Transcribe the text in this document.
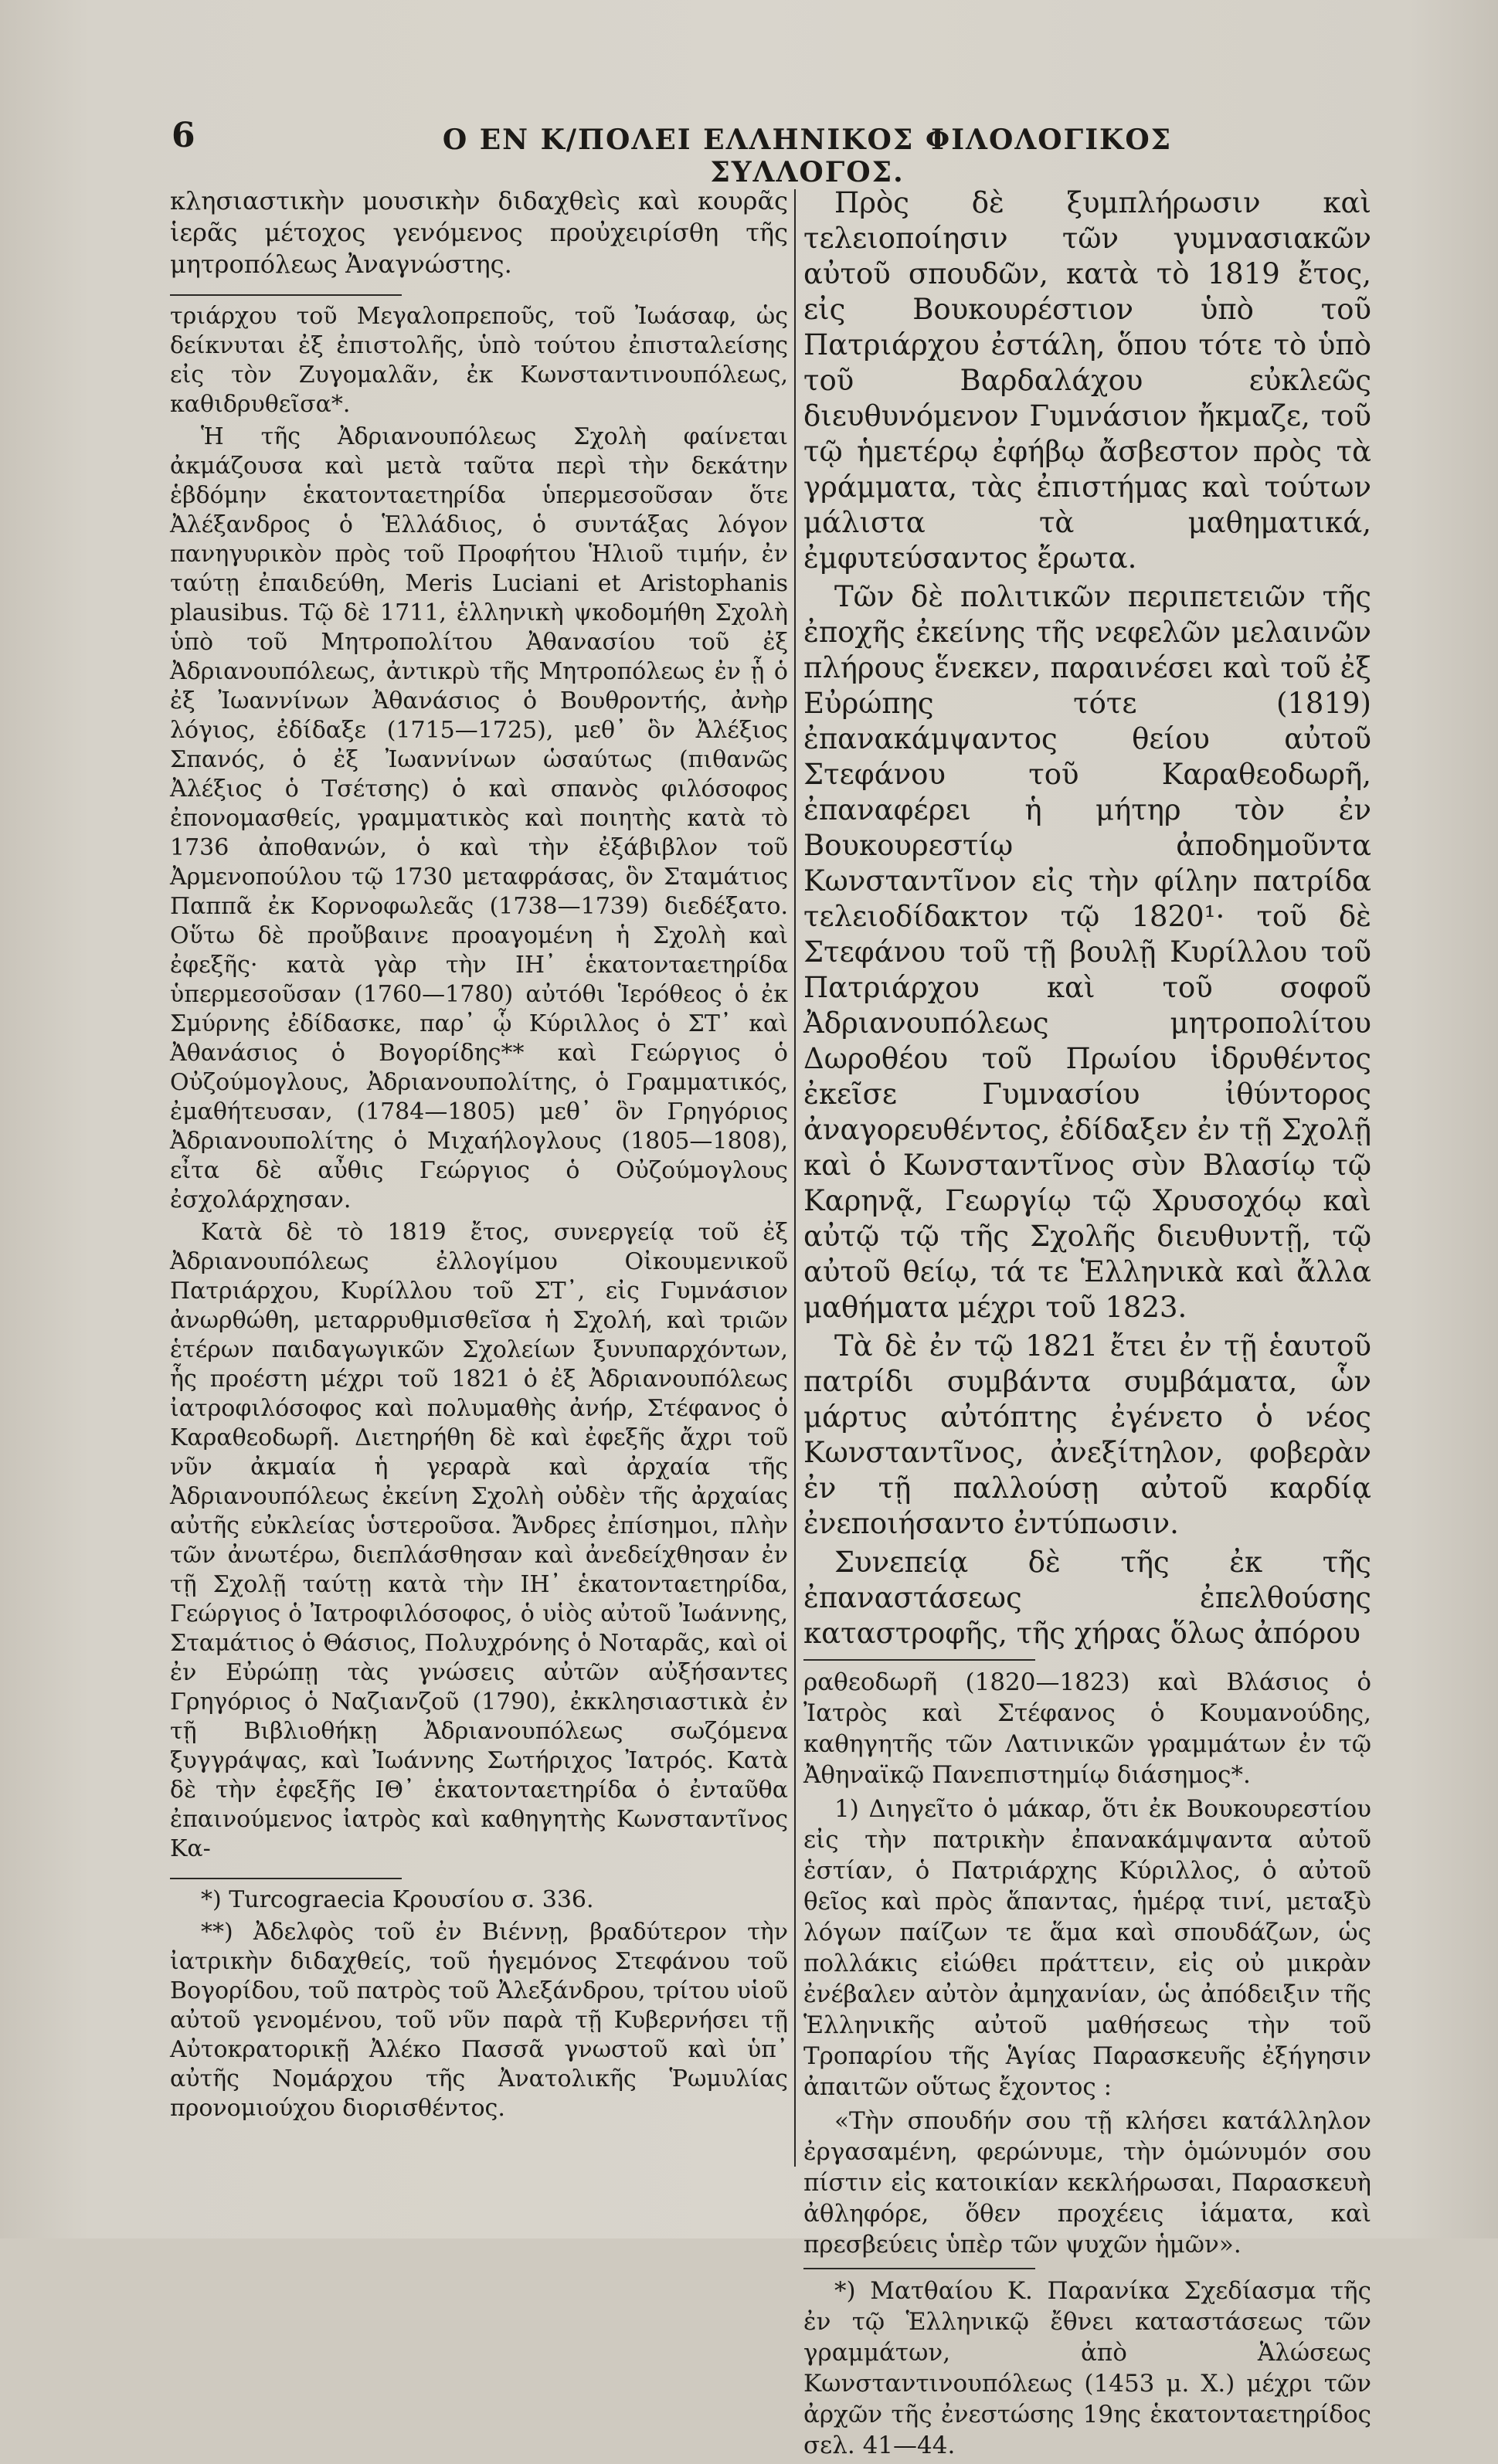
6	Ο ΕΝ Κ/ΠΟΛΕΙ ΕΛΛΗΝΙΚΟΣ ΦΙΛΟΛΟΓΙΚΟΣ ΣΥΛΛΟΓΟΣ.

κλησιαστικὴν μουσικὴν διδαχθεὶς καὶ κουρᾶς ἱερᾶς μέτοχος γενόμενος προὐχειρίσθη τῆς μητροπόλεως Ἀναγνώστης.

τριάρχου τοῦ Μεγαλοπρεποῦς, τοῦ Ἰωάσαφ, ὡς δείκνυται ἐξ ἐπιστολῆς, ὑπὸ τούτου ἐπισταλείσης εἰς τὸν Ζυγομαλᾶν, ἐκ Κωνσταντινουπόλεως, καθιδρυθεῖσα*.

Ἡ τῆς Ἀδριανουπόλεως Σχολὴ φαίνεται ἀκμάζουσα καὶ μετὰ ταῦτα περὶ τὴν δεκάτην ἑβδόμην ἑκατονταετηρίδα ὑπερμεσοῦσαν ὅτε Ἀλέξανδρος ὁ Ἑλλάδιος, ὁ συντάξας λόγον πανηγυρικὸν πρὸς τοῦ Προφήτου Ἡλιοῦ τιμήν, ἐν ταύτῃ ἐπαιδεύθη, Meris Luciani et Aristophanis plausibus. Τῷ δὲ 1711, ἑλληνικὴ ψκοδομήθη Σχολὴ ὑπὸ τοῦ Μητροπολίτου Ἀθανασίου τοῦ ἐξ Ἀδριανουπόλεως, ἀντικρὺ τῆς Μητροπόλεως ἐν ᾗ ὁ ἐξ Ἰωαννίνων Ἀθανάσιος ὁ Βουθροντής, ἀνὴρ λόγιος, ἐδίδαξε (1715—1725), μεθ᾽ ὃν Ἀλέξιος Σπανός, ὁ ἐξ Ἰωαννίνων ὡσαύτως (πιθανῶς Ἀλέξιος ὁ Τσέτσης) ὁ καὶ σπανὸς φιλόσοφος ἐπονομασθείς, γραμματικὸς καὶ ποιητὴς κατὰ τὸ 1736 ἀποθανών, ὁ καὶ τὴν ἐξάβιβλον τοῦ Ἀρμενοπούλου τῷ 1730 μεταφράσας, ὃν Σταμάτιος Παππᾶ ἐκ Κορνοφωλεᾶς (1738—1739) διεδέξατο. Οὕτω δὲ προὔβαινε προαγομένη ἡ Σχολὴ καὶ ἐφεξῆς· κατὰ γὰρ τὴν ΙΗ᾽ ἑκατονταετηρίδα ὑπερμεσοῦσαν (1760—1780) αὐτόθι Ἱερόθεος ὁ ἐκ Σμύρνης ἐδίδασκε, παρ᾽ ᾧ Κύριλλος ὁ ΣΤ᾽ καὶ Ἀθανάσιος ὁ Βογορίδης** καὶ Γεώργιος ὁ Οὐζούμογλους, Ἀδριανουπολίτης, ὁ Γραμματικός, ἐμαθήτευσαν, (1784—1805) μεθ᾽ ὃν Γρηγόριος Ἀδριανουπολίτης ὁ Μιχαήλογλους (1805—1808), εἶτα δὲ αὖθις Γεώργιος ὁ Οὐζούμογλους ἐσχολάρχησαν.

Κατὰ δὲ τὸ 1819 ἔτος, συνεργείᾳ τοῦ ἐξ Ἀδριανουπόλεως ἐλλογίμου Οἰκουμενικοῦ Πατριάρχου, Κυρίλλου τοῦ ΣΤ᾽, εἰς Γυμνάσιον ἀνωρθώθη, μεταρρυθμισθεῖσα ἡ Σχολή, καὶ τριῶν ἑτέρων παιδαγωγικῶν Σχολείων ξυνυπαρχόντων, ἧς προέστη μέχρι τοῦ 1821 ὁ ἐξ Ἀδριανουπόλεως ἰατροφιλόσοφος καὶ πολυμαθὴς ἀνήρ, Στέφανος ὁ Καραθεοδωρῆ. Διετηρήθη δὲ καὶ ἐφεξῆς ἄχρι τοῦ νῦν ἀκμαία ἡ γεραρὰ καὶ ἀρχαία τῆς Ἀδριανουπόλεως ἐκείνη Σχολὴ οὐδὲν τῆς ἀρχαίας αὐτῆς εὐκλείας ὑστεροῦσα. Ἄνδρες ἐπίσημοι, πλὴν τῶν ἀνωτέρω, διεπλάσθησαν καὶ ἀνεδείχθησαν ἐν τῇ Σχολῇ ταύτῃ κατὰ τὴν ΙΗ᾽ ἑκατονταετηρίδα, Γεώργιος ὁ Ἰατροφιλόσοφος, ὁ υἱὸς αὐτοῦ Ἰωάννης, Σταμάτιος ὁ Θάσιος, Πολυχρόνης ὁ Νοταρᾶς, καὶ οἱ ἐν Εὐρώπῃ τὰς γνώσεις αὐτῶν αὐξήσαντες Γρηγόριος ὁ Ναζιανζοῦ (1790), ἐκκλησιαστικὰ ἐν τῇ Βιβλιοθήκῃ Ἀδριανουπόλεως σωζόμενα ξυγγράψας, καὶ Ἰωάννης Σωτήριχος Ἰατρός. Κατὰ δὲ τὴν ἐφεξῆς ΙΘ᾽ ἑκατονταετηρίδα ὁ ἐνταῦθα ἐπαινούμενος ἰατρὸς καὶ καθηγητὴς Κωνσταντῖνος Κα-

*) Turcograecia Κρουσίου σ. 336.

**) Ἀδελφὸς τοῦ ἐν Βιέννῃ, βραδύτερον τὴν ἰατρικὴν διδαχθείς, τοῦ ἡγεμόνος Στεφάνου τοῦ Βογορίδου, τοῦ πατρὸς τοῦ Ἀλεξάνδρου, τρίτου υἱοῦ αὐτοῦ γενομένου, τοῦ νῦν παρὰ τῇ Κυβερνήσει τῇ Αὐτοκρατορικῇ Ἀλέκο Πασσᾶ γνωστοῦ καὶ ὑπ᾽ αὐτῆς Νομάρχου τῆς Ἀνατολικῆς Ῥωμυλίας προνομιούχου διορισθέντος.

Πρὸς δὲ ξυμπλήρωσιν καὶ τελειοποίησιν τῶν γυμνασιακῶν αὐτοῦ σπουδῶν, κατὰ τὸ 1819 ἔτος, εἰς Βουκουρέστιον ὑπὸ τοῦ Πατριάρχου ἐστάλη, ὅπου τότε τὸ ὑπὸ τοῦ Βαρδαλάχου εὐκλεῶς διευθυνόμενον Γυμνάσιον ἤκμαζε, τοῦ τῷ ἡμετέρῳ ἐφήβῳ ἄσβεστον πρὸς τὰ γράμματα, τὰς ἐπιστήμας καὶ τούτων μάλιστα τὰ μαθηματικά, ἐμφυτεύσαντος ἔρωτα.

Τῶν δὲ πολιτικῶν περιπετειῶν τῆς ἐποχῆς ἐκείνης τῆς νεφελῶν μελαινῶν πλήρους ἕνεκεν, παραινέσει καὶ τοῦ ἐξ Εὐρώπης τότε (1819) ἐπανακάμψαντος θείου αὐτοῦ Στεφάνου τοῦ Καραθεοδωρῆ, ἐπαναφέρει ἡ μήτηρ τὸν ἐν Βουκουρεστίῳ ἀποδημοῦντα Κωνσταντῖνον εἰς τὴν φίλην πατρίδα τελειοδίδακτον τῷ 1820¹· τοῦ δὲ Στεφάνου τοῦ τῇ βουλῇ Κυρίλλου τοῦ Πατριάρχου καὶ τοῦ σοφοῦ Ἀδριανουπόλεως μητροπολίτου Δωροθέου τοῦ Πρωίου ἱδρυθέντος ἐκεῖσε Γυμνασίου ἰθύντορος ἀναγορευθέντος, ἐδίδαξεν ἐν τῇ Σχολῇ καὶ ὁ Κωνσταντῖνος σὺν Βλασίῳ τῷ Καρηνᾷ, Γεωργίῳ τῷ Χρυσοχόῳ καὶ αὐτῷ τῷ τῆς Σχολῆς διευθυντῇ, τῷ αὐτοῦ θείῳ, τά τε Ἑλληνικὰ καὶ ἄλλα μαθήματα μέχρι τοῦ 1823.

Τὰ δὲ ἐν τῷ 1821 ἔτει ἐν τῇ ἑαυτοῦ πατρίδι συμβάντα συμβάματα, ὧν μάρτυς αὐτόπτης ἐγένετο ὁ νέος Κωνσταντῖνος, ἀνεξίτηλον, φοβερὰν ἐν τῇ παλλούσῃ αὐτοῦ καρδίᾳ ἐνεποιήσαντο ἐντύπωσιν.

Συνεπείᾳ δὲ τῆς ἐκ τῆς ἐπαναστάσεως ἐπελθούσης καταστροφῆς, τῆς χήρας ὅλως ἀπόρου

ραθεοδωρῆ (1820—1823) καὶ Βλάσιος ὁ Ἰατρὸς καὶ Στέφανος ὁ Κουμανούδης, καθηγητῆς τῶν Λατινικῶν γραμμάτων ἐν τῷ Ἀθηναϊκῷ Πανεπιστημίῳ διάσημος*.

1) Διηγεῖτο ὁ μάκαρ, ὅτι ἐκ Βουκουρεστίου εἰς τὴν πατρικὴν ἐπανακάμψαντα αὐτοῦ ἑστίαν, ὁ Πατριάρχης Κύριλλος, ὁ αὐτοῦ θεῖος καὶ πρὸς ἅπαντας, ἡμέρᾳ τινί, μεταξὺ λόγων παίζων τε ἅμα καὶ σπουδάζων, ὡς πολλάκις εἰώθει πράττειν, εἰς οὐ μικρὰν ἐνέβαλεν αὐτὸν ἀμηχανίαν, ὡς ἀπόδειξιν τῆς Ἑλληνικῆς αὐτοῦ μαθήσεως τὴν τοῦ Τροπαρίου τῆς Ἁγίας Παρασκευῆς ἐξήγησιν ἀπαιτῶν οὕτως ἔχοντος :

«Τὴν σπουδήν σου τῇ κλήσει κατάλληλον ἐργασαμένη, φερώνυμε, τὴν ὁμώνυμόν σου πίστιν εἰς κατοικίαν κεκλήρωσαι, Παρασκευὴ ἀθληφόρε, ὅθεν προχέεις ἰάματα, καὶ πρεσβεύεις ὑπὲρ τῶν ψυχῶν ἡμῶν».

*) Ματθαίου Κ. Παρανίκα Σχεδίασμα τῆς ἐν τῷ Ἑλληνικῷ ἔθνει καταστάσεως τῶν γραμμάτων, ἀπὸ Ἁλώσεως Κωνσταντινουπόλεως (1453 μ. Χ.) μέχρι τῶν ἀρχῶν τῆς ἐνεστώσης 19ης ἑκατονταετηρίδος σελ. 41—44.
